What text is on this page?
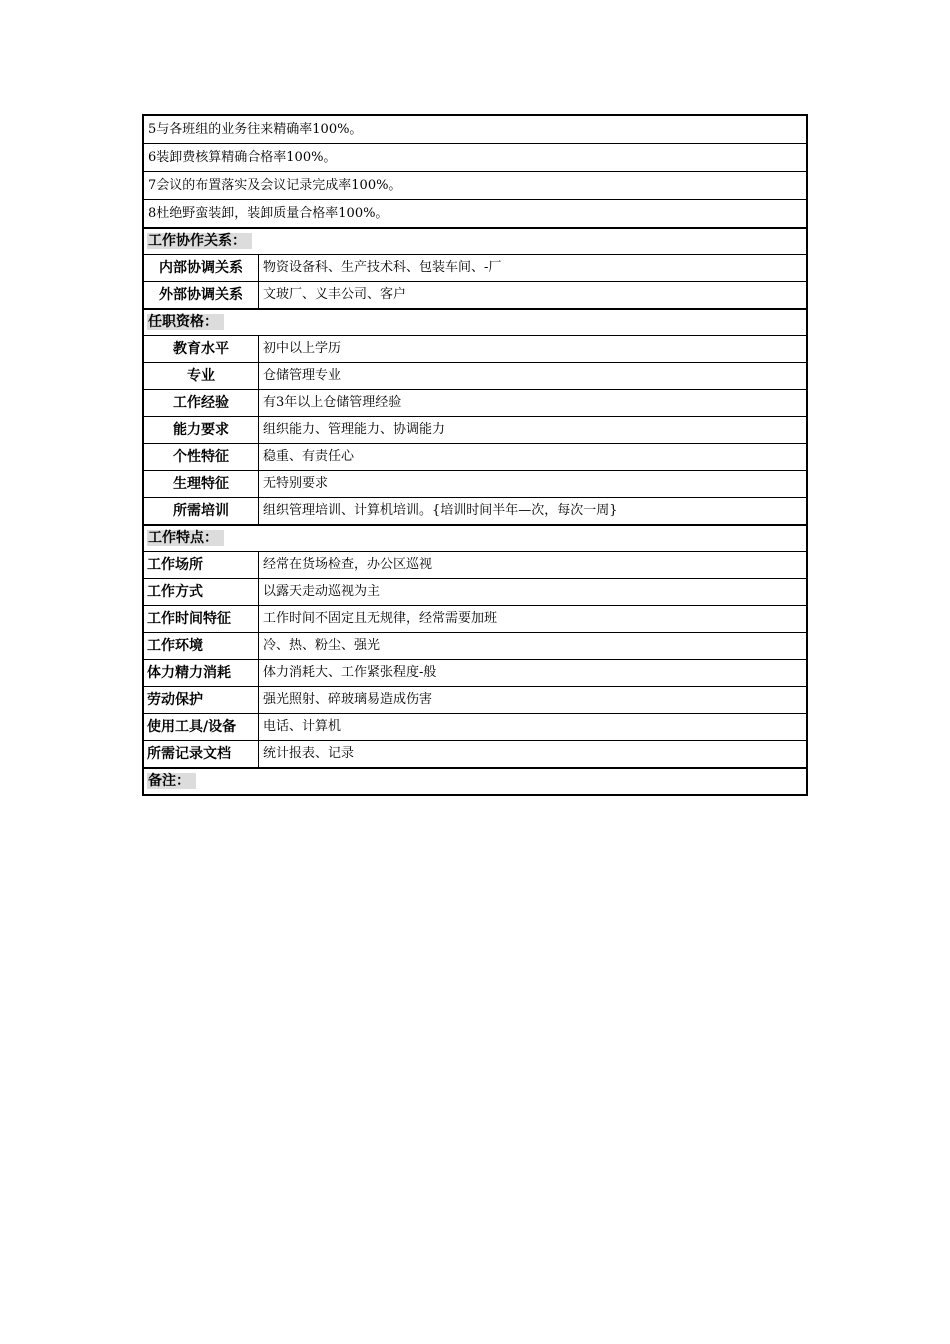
5与各班组的业务往来精确率100%。
6装卸费核算精确合格率100%。
7会议的布置落实及会议记录完成率100%。
8杜绝野蛮装卸，装卸质量合格率100%。
工作协作关系：
内部协调关系	物资设备科、生产技术科、包装车间、-厂
外部协调关系	文玻厂、义丰公司、客户
任职资格：
教育水平	初中以上学历
专业	仓储管理专业
工作经验	有3年以上仓储管理经验
能力要求	组织能力、管理能力、协调能力
个性特征	稳重、有责任心
生理特征	无特别要求
所需培训	组织管理培训、计算机培训。{培训时间半年—次，每次一周}
工作特点：
工作场所	经常在货场检查，办公区巡视
工作方式	以露天走动巡视为主
工作时间特征	工作时间不固定且无规律，经常需要加班
工作环境	冷、热、粉尘、强光
体力精力消耗	体力消耗大、工作紧张程度-般
劳动保护	强光照射、碎玻璃易造成伤害
使用工具/设备	电话、计算机
所需记录文档	统计报表、记录
备注：
